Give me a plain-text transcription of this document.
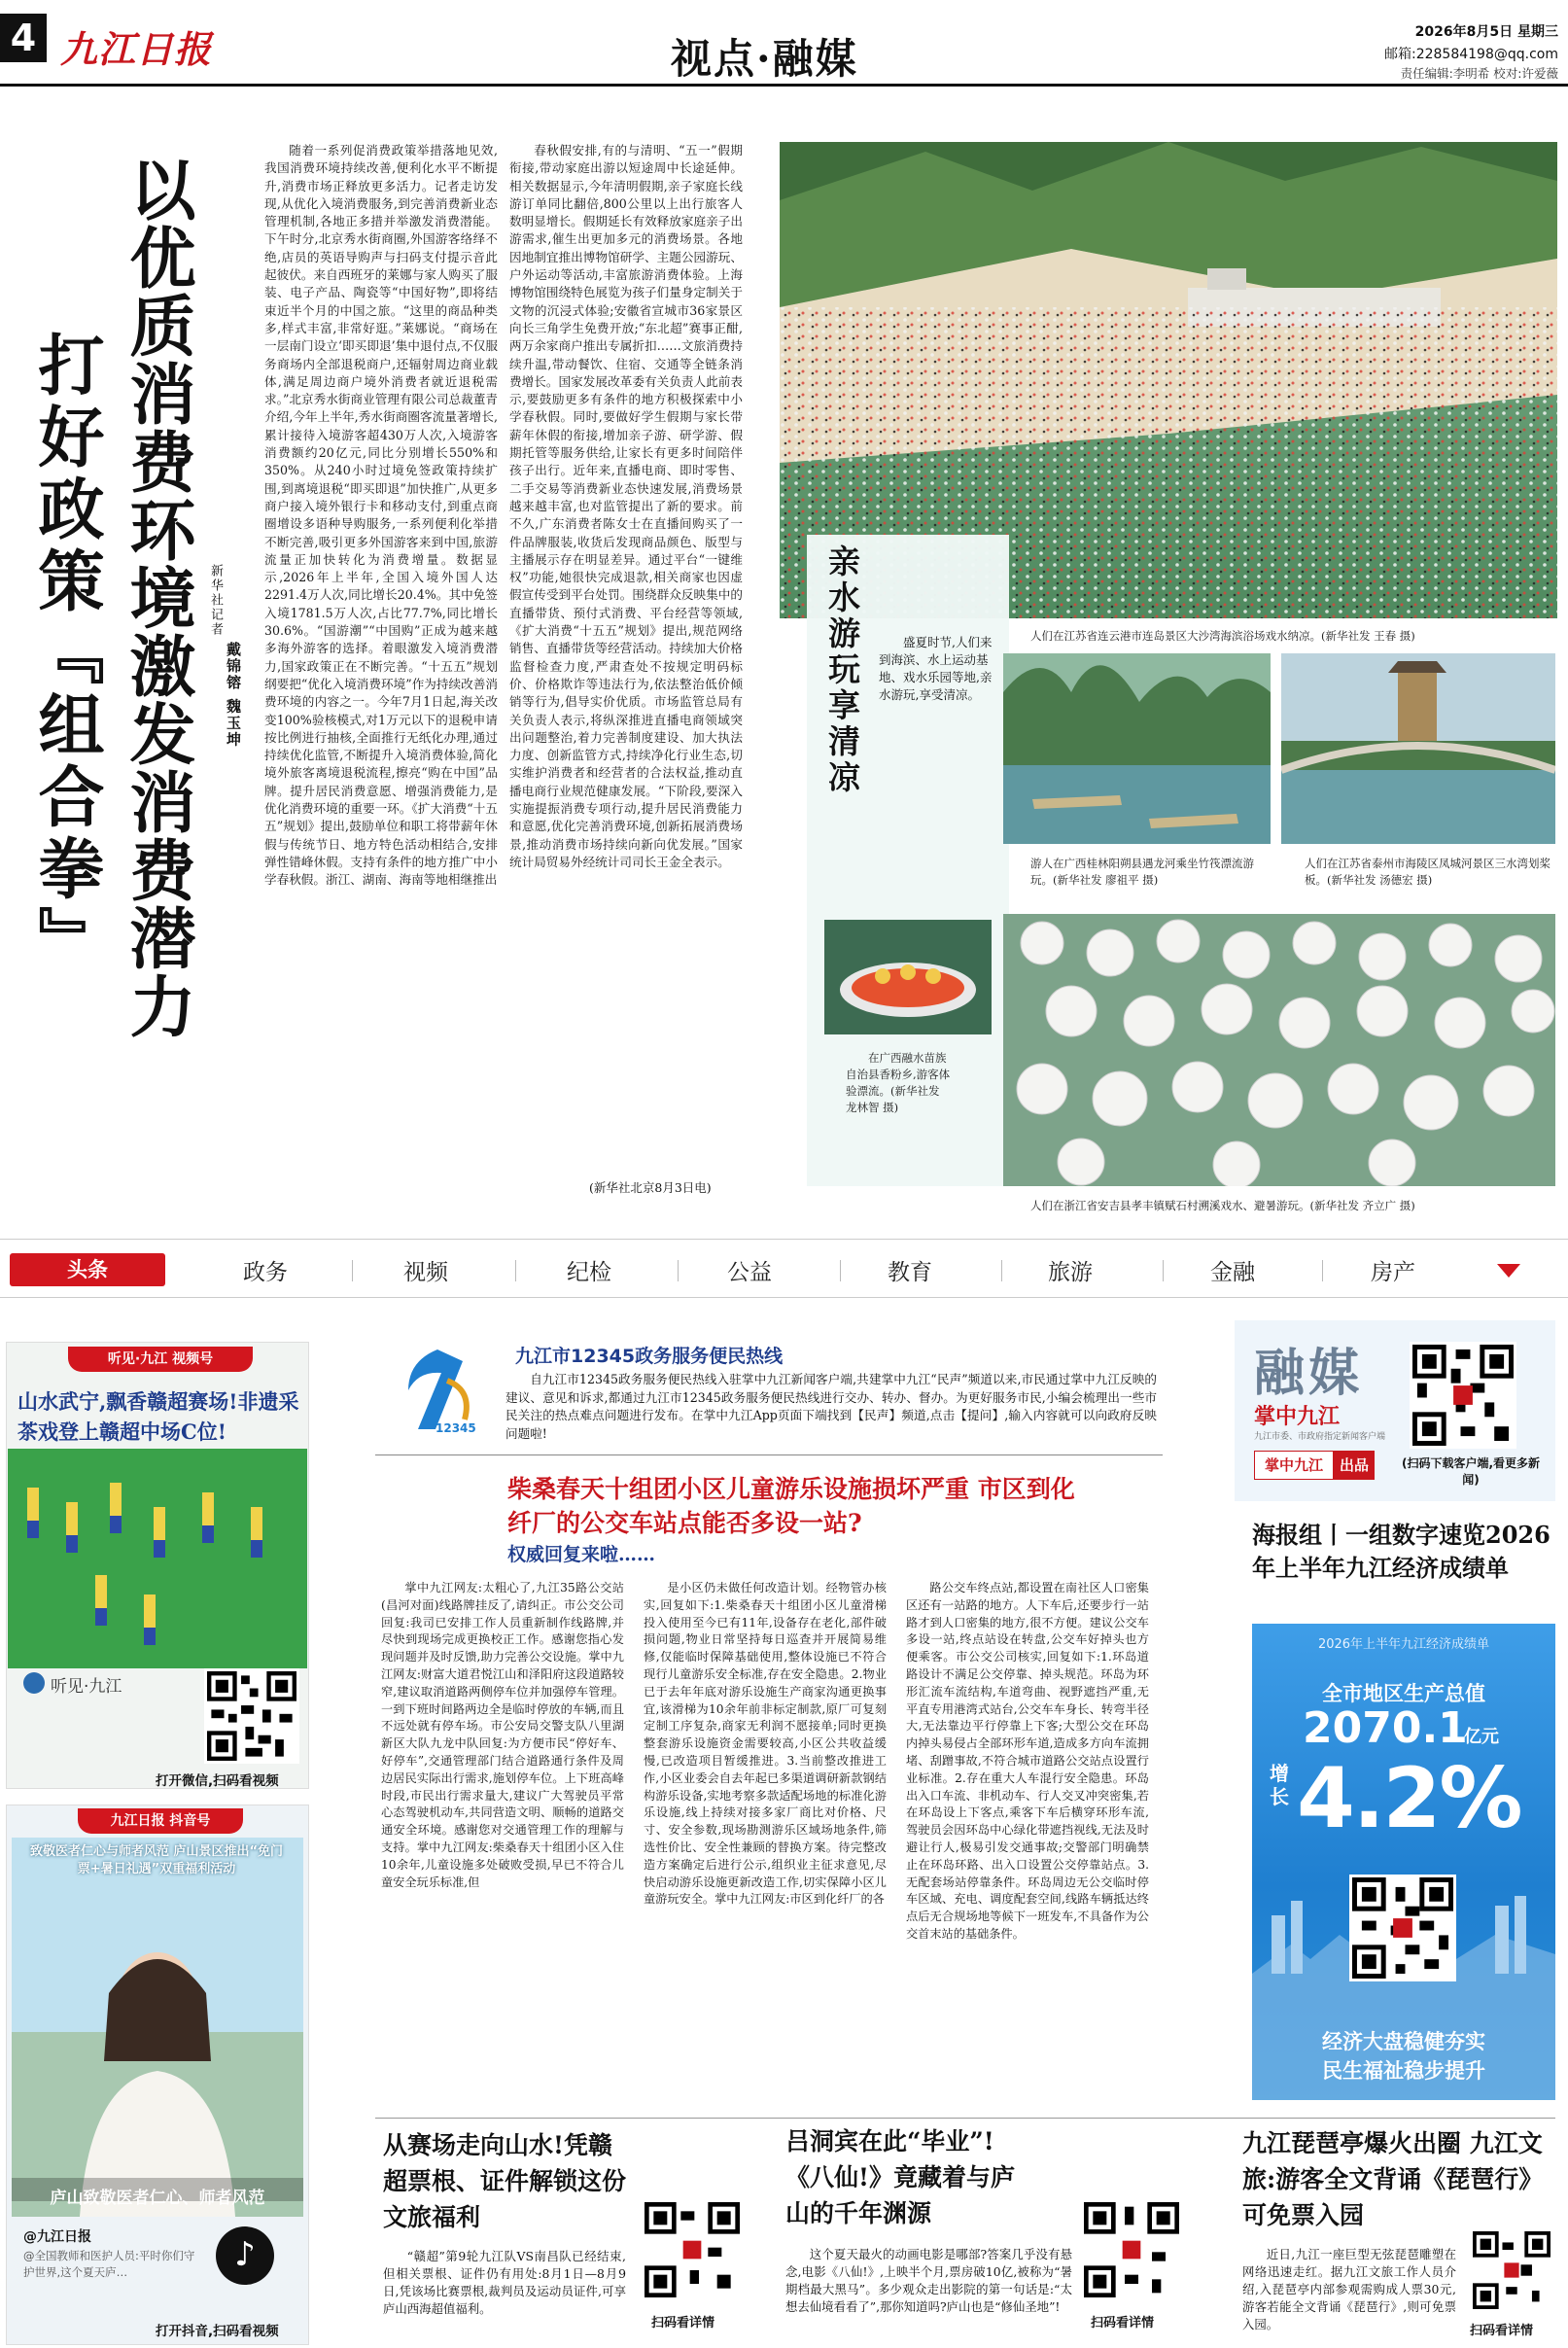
4 九江日报	视点·融媒
2026年8月5日 星期三
邮箱:228584198@qq.com
责任编辑:李明希 校对:许爱薇
以优质消费环境激发消费潜力
打好政策『组合拳』	新华社记者
戴锦镕 魏玉坤
随着一系列促消费政策举措落地见效,我国消费环境持续改善,便利化水平不断提升,消费市场正释放更多活力。记者走访发现,从优化入境消费服务,到完善消费新业态管理机制,各地正多措并举激发消费潜能。下午时分,北京秀水街商圈,外国游客络绎不绝,店员的英语导购声与扫码支付提示音此起彼伏。来自西班牙的莱娜与家人购买了服装、电子产品、陶瓷等“中国好物”,即将结束近半个月的中国之旅。“这里的商品种类多,样式丰富,非常好逛。”莱娜说。“商场在一层南门设立‘即买即退’集中退付点,不仅服务商场内全部退税商户,还辐射周边商业载体,满足周边商户境外消费者就近退税需求。”北京秀水街商业管理有限公司总裁董青介绍,今年上半年,秀水街商圈客流量著增长,累计接待入境游客超430万人次,入境游客消费额约20亿元,同比分别增长550%和350%。从240小时过境免签政策持续扩围,到离境退税“即买即退”加快推广,从更多商户接入境外银行卡和移动支付,到重点商圈增设多语种导购服务,一系列便利化举措不断完善,吸引更多外国游客来到中国,旅游流量正加快转化为消费增量。数据显示,2026年上半年,全国入境外国人达2291.4万人次,同比增长20.4%。其中免签入境1781.5万人次,占比77.7%,同比增长30.6%。“国游潮”“中国购”正成为越来越多海外游客的选择。着眼激发入境消费潜力,国家政策正在不断完善。“十五五”规划纲要把“优化入境消费环境”作为持续改善消费环境的内容之一。今年7月1日起,海关改变100%验核模式,对1万元以下的退税申请按比例进行抽核,全面推行无纸化办理,通过持续优化监管,不断提升入境消费体验,简化境外旅客离境退税流程,擦亮“购在中国”品牌。提升居民消费意愿、增强消费能力,是优化消费环境的重要一环。《扩大消费“十五五”规划》提出,鼓励单位和职工将带薪年休假与传统节日、地方特色活动相结合,安排弹性错峰休假。支持有条件的地方推广中小学春秋假。浙江、湖南、海南等地相继推出
春秋假安排,有的与清明、“五一”假期衔接,带动家庭出游以短途周中长途延伸。相关数据显示,今年清明假期,亲子家庭长线游订单同比翻倍,800公里以上出行旅客人数明显增长。假期延长有效释放家庭亲子出游需求,催生出更加多元的消费场景。各地因地制宜推出博物馆研学、主题公园游玩、户外运动等活动,丰富旅游消费体验。上海博物馆围绕特色展览为孩子们量身定制关于文物的沉浸式体验;安徽省宣城市36家景区向长三角学生免费开放;“东北超”赛事正酣,两万余家商户推出专属折扣……文旅消费持续升温,带动餐饮、住宿、交通等全链条消费增长。国家发展改革委有关负责人此前表示,要鼓励更多有条件的地方积极探索中小学春秋假。同时,要做好学生假期与家长带薪年休假的衔接,增加亲子游、研学游、假期托管等服务供给,让家长有更多时间陪伴孩子出行。近年来,直播电商、即时零售、二手交易等消费新业态快速发展,消费场景越来越丰富,也对监管提出了新的要求。前不久,广东消费者陈女士在直播间购买了一件品牌服装,收货后发现商品颜色、版型与主播展示存在明显差异。通过平台“一键维权”功能,她很快完成退款,相关商家也因虚假宣传受到平台处罚。围绕群众反映集中的直播带货、预付式消费、平台经营等领域,《扩大消费“十五五”规划》提出,规范网络销售、直播带货等经营活动。持续加大价格监督检查力度,严肃查处不按规定明码标价、价格欺诈等违法行为,依法整治低价倾销等行为,倡导实价优质。市场监管总局有关负责人表示,将纵深推进直播电商领域突出问题整治,着力完善制度建设、加大执法力度、创新监管方式,持续净化行业生态,切实维护消费者和经营者的合法权益,推动直播电商行业规范健康发展。“下阶段,要深入实施提振消费专项行动,提升居民消费能力和意愿,优化完善消费环境,创新拓展消费场景,推动消费市场持续向新向优发展。”国家统计局贸易外经统计司司长王金全表示。
(新华社北京8月3日电)
亲水游玩享清凉	盛夏时节,人们来到海滨、水上运动基地、戏水乐园等地,亲水游玩,享受清凉。
人们在江苏省连云港市连岛景区大沙湾海滨浴场戏水纳凉。(新华社发 王春 摄)
游人在广西桂林阳朔县遇龙河乘坐竹筏漂流游玩。(新华社发 廖祖平 摄)
人们在江苏省泰州市海陵区凤城河景区三水湾划桨板。(新华社发 汤德宏 摄)
在广西融水苗族自治县香粉乡,游客体验漂流。(新华社发 龙林智 摄)
人们在浙江省安吉县孝丰镇赋石村溯溪戏水、避暑游玩。(新华社发 齐立广 摄)
头条	政务	视频	纪检	公益	教育	旅游	金融	房产
听见·九江 视频号
山水武宁,飘香赣超赛场!非遗采茶戏登上赣超中场C位!
听见·九江
打开微信,扫码看视频
九江日报 抖音号
致敬医者仁心与师者风范 庐山景区推出“免门票+暑日礼遇”双重福利活动
庐山致敬医者仁心、师者风范
@九江日报
@全国教师和医护人员:平时你们守护世界,这个夏天庐…	♪
打开抖音,扫码看视频
12345
九江市12345政务服务便民热线
自九江市12345政务服务便民热线入驻掌中九江新闻客户端,共建掌中九江“民声”频道以来,市民通过掌中九江反映的建议、意见和诉求,都通过九江市12345政务服务便民热线进行交办、转办、督办。为更好服务市民,小编会梳理出一些市民关注的热点难点问题进行发布。在掌中九江App页面下端找到【民声】频道,点击【提问】,输入内容就可以向政府反映问题啦!
柴桑春天十组团小区儿童游乐设施损坏严重 市区到化纤厂的公交车站点能否多设一站?
权威回复来啦……
掌中九江网友:太粗心了,九江35路公交站(昌河对面)线路牌挂反了,请纠正。市公交公司回复:我司已安排工作人员重新制作线路牌,并尽快到现场完成更换校正工作。感谢您指心发现问题并及时反馈,助力完善公交设施。掌中九江网友:财富大道君悦江山和泽阳府这段道路较窄,建议取消道路两侧停车位并加强停车管理。一到下班时间路两边全是临时停放的车辆,而且不远处就有停车场。市公安局交警支队八里湖新区大队九龙中队回复:为方便市民“停好车、好停车”,交通管理部门结合道路通行条件及周边居民实际出行需求,施划停车位。上下班高峰时段,市民出行需求量大,建议广大驾驶员平常心态驾驶机动车,共同营造文明、顺畅的道路交通安全环境。感谢您对交通管理工作的理解与支持。掌中九江网友:柴桑春天十组团小区入住10余年,儿童设施多处破败受损,早已不符合儿童安全玩乐标准,但
是小区仍未做任何改造计划。经物管办核实,回复如下:1.柴桑春天十组团小区儿童滑梯投入使用至今已有11年,设备存在老化,部件破损问题,物业日常坚持每日巡查并开展简易维修,仅能临时保障基础使用,整体设施已不符合现行儿童游乐安全标准,存在安全隐患。2.物业已于去年年底对游乐设施生产商家沟通更换事宜,该滑梯为10余年前非标定制款,原厂可复刻定制工序复杂,商家无利润不愿接单;同时更换整套游乐设施资金需要较高,小区公共收益缓慢,已改造项目暂缓推进。3.当前整改推进工作,小区业委会自去年起已多渠道调研新款钢结构游乐设备,实地考察多款适配场地的标准化游乐设施,线上持续对接多家厂商比对价格、尺寸、安全参数,现场勘测游乐区域场地条件,筛选性价比、安全性兼顾的替换方案。待完整改造方案确定后进行公示,组织业主征求意见,尽快启动游乐设施更新改造工作,切实保障小区儿童游玩安全。掌中九江网友:市区到化纤厂的各
路公交车终点站,都设置在南社区人口密集区还有一站路的地方。人下车后,还要步行一站路才到人口密集的地方,很不方便。建议公交车多设一站,终点站设在转盘,公交车好掉头也方便乘客。市公交公司核实,回复如下:1.环岛道路设计不满足公交停靠、掉头规范。环岛为环形汇流车流结构,车道弯曲、视野遮挡严重,无平直专用港湾式站台,公交车车身长、转弯半径大,无法靠边平行停靠上下客;大型公交在环岛内掉头易侵占全部环形车道,造成多方向车流拥堵、刮蹭事故,不符合城市道路公交站点设置行业标准。2.存在重大人车混行安全隐患。环岛出入口车流、非机动车、行人交叉冲突密集,若在环岛设上下客点,乘客下车后横穿环形车流,驾驶员会因环岛中心绿化带遮挡视线,无法及时避让行人,极易引发交通事故;交警部门明确禁止在环岛环路、出入口设置公交停靠站点。3.无配套场站停靠条件。环岛周边无公交临时停车区域、充电、调度配套空间,线路车辆抵达终点后无合规场地等候下一班发车,不具备作为公交首末站的基础条件。
融媒
掌中九江
九江市委、市政府指定新闻客户端
掌中九江	出品	(扫码下载客户端,看更多新闻)
海报组丨一组数字速览2026年上半年九江经济成绩单
2026年上半年九江经济成绩单
全市地区生产总值
2070.1
亿元
增长 4.2%
经济大盘稳健夯实
民生福祉稳步提升
从赛场走向山水!凭赣超票根、证件解锁这份文旅福利
“赣超”第9轮九江队VS南昌队已经结束,但相关票根、证件仍有用处:8月1日—8月9日,凭该场比赛票根,裁判员及运动员证件,可享庐山西海超值福利。
扫码看详情
吕洞宾在此“毕业”!《八仙!》竟藏着与庐山的千年渊源
这个夏天最火的动画电影是哪部?答案几乎没有悬念,电影《八仙!》,上映半个月,票房破10亿,被称为“暑期档最大黑马”。多少观众走出影院的第一句话是:“太想去仙境看看了”,那你知道吗?庐山也是“修仙圣地”!
扫码看详情
九江琵琶亭爆火出圈 九江文旅:游客全文背诵《琵琶行》可免票入园
近日,九江一座巨型无弦琵琶雕塑在网络迅速走红。据九江文旅工作人员介绍,入琵琶亭内部参观需购成人票30元,游客若能全文背诵《琵琶行》,则可免票入园。	扫码看详情
